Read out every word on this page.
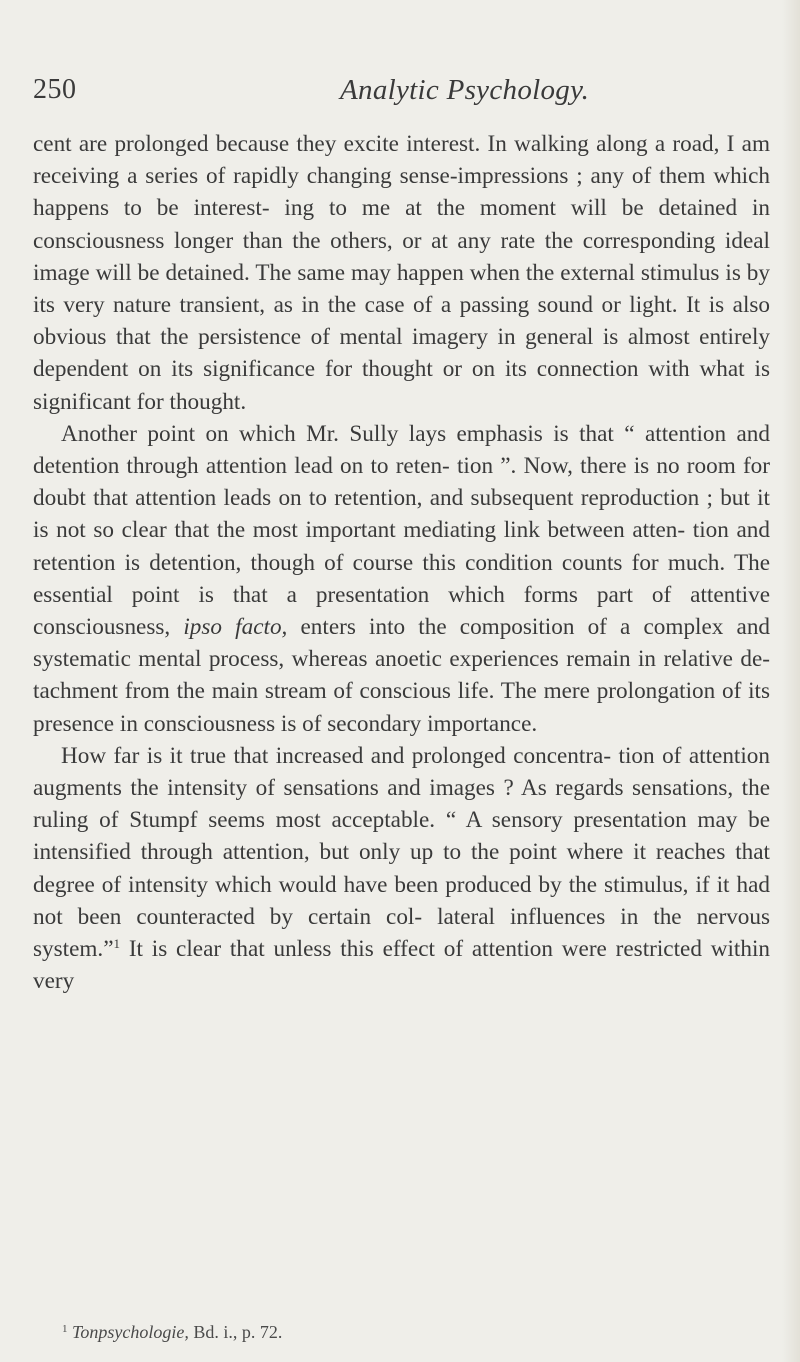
250	Analytic Psychology.

cent are prolonged because they excite interest. In walking along a road, I am receiving a series of rapidly changing sense-impressions ; any of them which happens to be interest- ing to me at the moment will be detained in consciousness longer than the others, or at any rate the corresponding ideal image will be detained. The same may happen when the external stimulus is by its very nature transient, as in the case of a passing sound or light. It is also obvious that the persistence of mental imagery in general is almost entirely dependent on its significance for thought or on its connection with what is significant for thought.

Another point on which Mr. Sully lays emphasis is that “ attention and detention through attention lead on to reten- tion ”. Now, there is no room for doubt that attention leads on to retention, and subsequent reproduction ; but it is not so clear that the most important mediating link between atten- tion and retention is detention, though of course this condition counts for much. The essential point is that a presentation which forms part of attentive consciousness, ipso facto, enters into the composition of a complex and systematic mental process, whereas anoetic experiences remain in relative de- tachment from the main stream of conscious life. The mere prolongation of its presence in consciousness is of secondary importance.

How far is it true that increased and prolonged concentra- tion of attention augments the intensity of sensations and images ? As regards sensations, the ruling of Stumpf seems most acceptable. “ A sensory presentation may be intensified through attention, but only up to the point where it reaches that degree of intensity which would have been produced by the stimulus, if it had not been counteracted by certain col- lateral influences in the nervous system.”$^1$ It is clear that unless this effect of attention were restricted within very

$^1$ Tonpsychologie, Bd. i., p. 72.
